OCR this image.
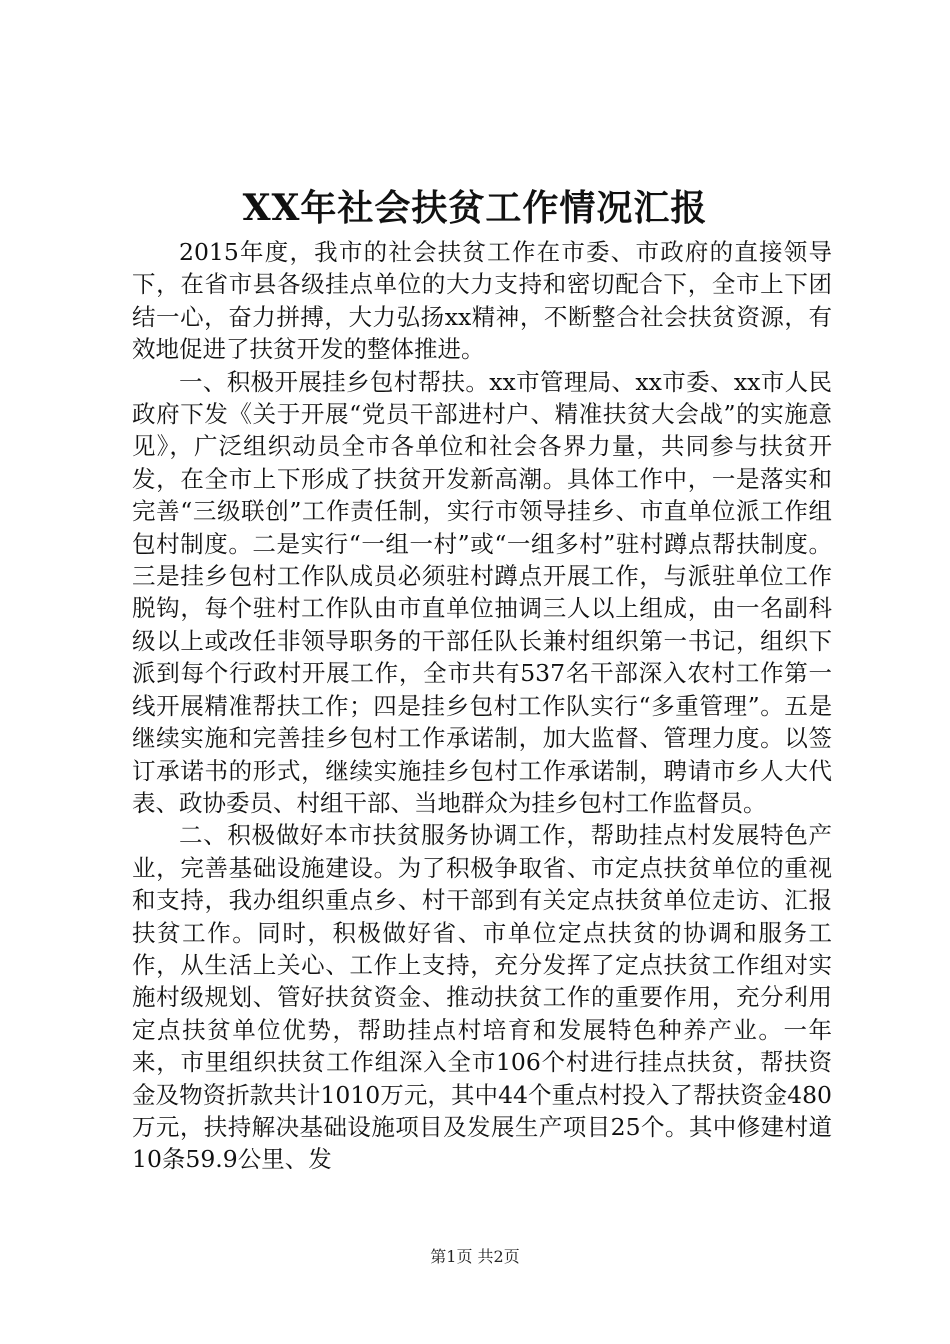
XX年社会扶贫工作情况汇报

2015年度，我市的社会扶贫工作在市委、市政府的直接领导下，在省市县各级挂点单位的大力支持和密切配合下，全市上下团结一心，奋力拼搏，大力弘扬xx精神，不断整合社会扶贫资源，有效地促进了扶贫开发的整体推进。

一、积极开展挂乡包村帮扶。xx市管理局、xx市委、xx市人民政府下发《关于开展“党员干部进村户、精准扶贫大会战”的实施意见》，广泛组织动员全市各单位和社会各界力量，共同参与扶贫开发，在全市上下形成了扶贫开发新高潮。具体工作中，一是落实和完善“三级联创”工作责任制，实行市领导挂乡、市直单位派工作组包村制度。二是实行“一组一村”或“一组多村”驻村蹲点帮扶制度。三是挂乡包村工作队成员必须驻村蹲点开展工作，与派驻单位工作脱钩，每个驻村工作队由市直单位抽调三人以上组成，由一名副科级以上或改任非领导职务的干部任队长兼村组织第一书记，组织下派到每个行政村开展工作，全市共有537名干部深入农村工作第一线开展精准帮扶工作；四是挂乡包村工作队实行“多重管理”。五是继续实施和完善挂乡包村工作承诺制，加大监督、管理力度。以签订承诺书的形式，继续实施挂乡包村工作承诺制，聘请市乡人大代表、政协委员、村组干部、当地群众为挂乡包村工作监督员。

二、积极做好本市扶贫服务协调工作，帮助挂点村发展特色产业，完善基础设施建设。为了积极争取省、市定点扶贫单位的重视和支持，我办组织重点乡、村干部到有关定点扶贫单位走访、汇报扶贫工作。同时，积极做好省、市单位定点扶贫的协调和服务工作，从生活上关心、工作上支持，充分发挥了定点扶贫工作组对实施村级规划、管好扶贫资金、推动扶贫工作的重要作用，充分利用定点扶贫单位优势，帮助挂点村培育和发展特色种养产业。一年来，市里组织扶贫工作组深入全市106个村进行挂点扶贫，帮扶资金及物资折款共计1010万元，其中44个重点村投入了帮扶资金480万元，扶持解决基础设施项目及发展生产项目25个。其中修建村道10条59.9公里、发

第1页 共2页
